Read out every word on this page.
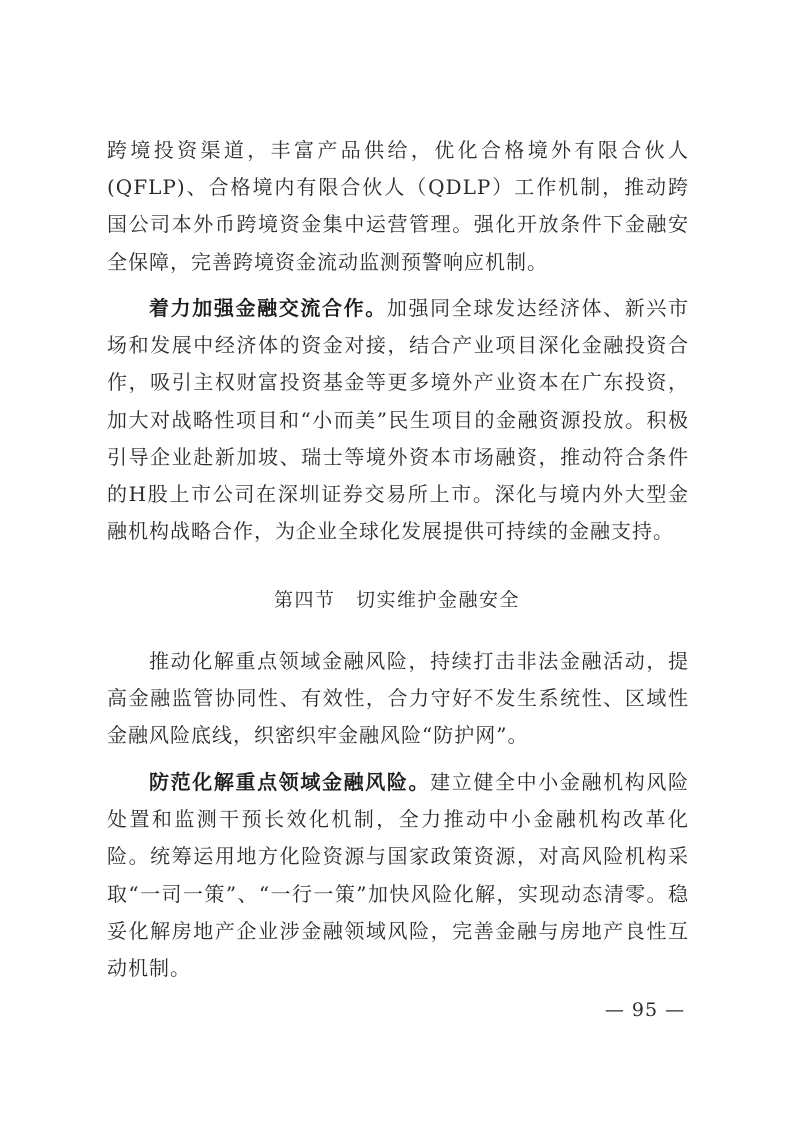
跨境投资渠道，丰富产品供给，优化合格境外有限合伙人(QFLP)、合格境内有限合伙人（QDLP）工作机制，推动跨国公司本外币跨境资金集中运营管理。强化开放条件下金融安全保障，完善跨境资金流动监测预警响应机制。

着力加强金融交流合作。加强同全球发达经济体、新兴市场和发展中经济体的资金对接，结合产业项目深化金融投资合作，吸引主权财富投资基金等更多境外产业资本在广东投资，加大对战略性项目和“小而美”民生项目的金融资源投放。积极引导企业赴新加坡、瑞士等境外资本市场融资，推动符合条件的H股上市公司在深圳证券交易所上市。深化与境内外大型金融机构战略合作，为企业全球化发展提供可持续的金融支持。

第四节　切实维护金融安全

推动化解重点领域金融风险，持续打击非法金融活动，提高金融监管协同性、有效性，合力守好不发生系统性、区域性金融风险底线，织密织牢金融风险“防护网”。

防范化解重点领域金融风险。建立健全中小金融机构风险处置和监测干预长效化机制，全力推动中小金融机构改革化险。统筹运用地方化险资源与国家政策资源，对高风险机构采取“一司一策”、“一行一策”加快风险化解，实现动态清零。稳妥化解房地产企业涉金融领域风险，完善金融与房地产良性互动机制。

— 95 —
